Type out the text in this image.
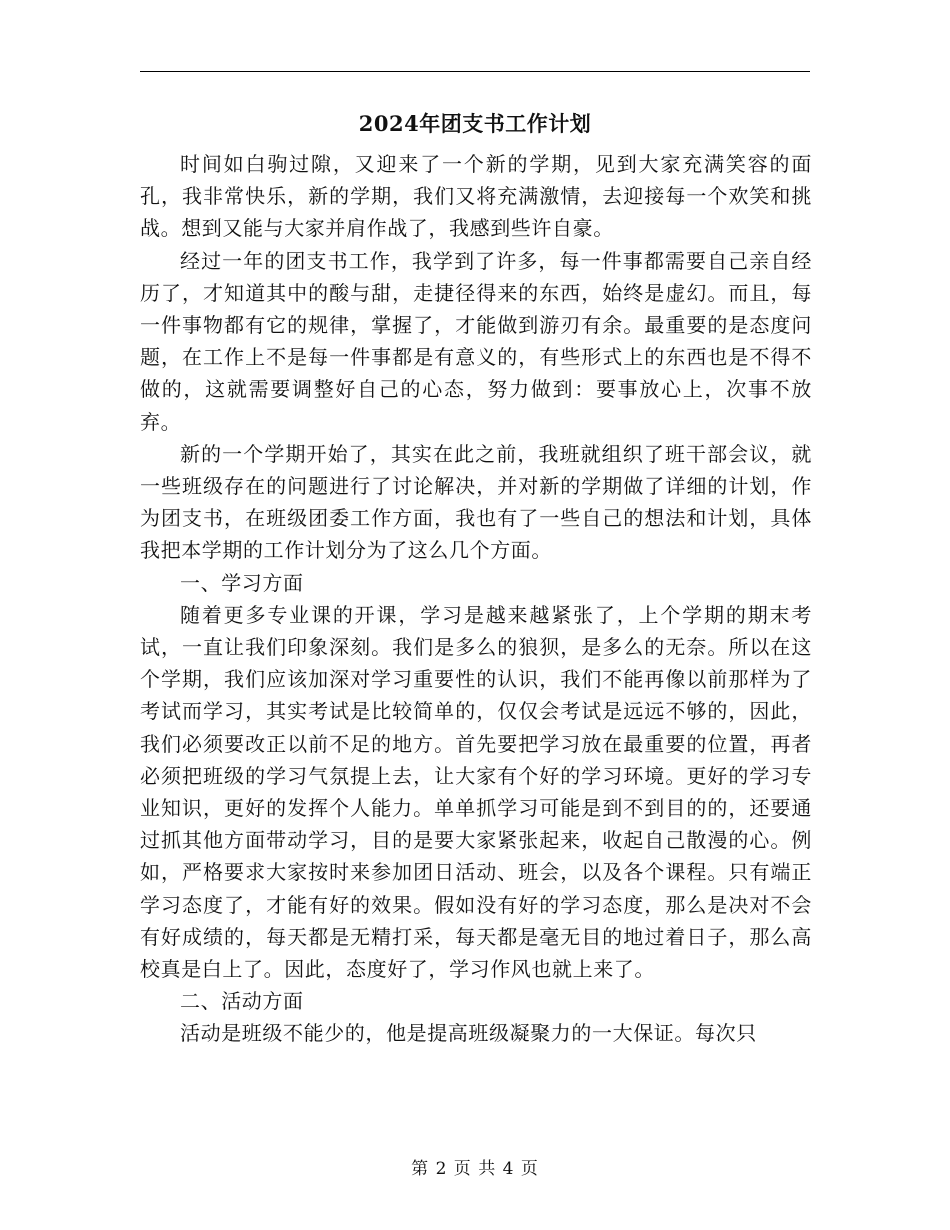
2024年团支书工作计划

时间如白驹过隙，又迎来了一个新的学期，见到大家充满笑容的面孔，我非常快乐，新的学期，我们又将充满激情，去迎接每一个欢笑和挑战。想到又能与大家并肩作战了，我感到些许自豪。

经过一年的团支书工作，我学到了许多，每一件事都需要自己亲自经历了，才知道其中的酸与甜，走捷径得来的东西，始终是虚幻。而且，每一件事物都有它的规律，掌握了，才能做到游刃有余。最重要的是态度问题，在工作上不是每一件事都是有意义的，有些形式上的东西也是不得不做的，这就需要调整好自己的心态，努力做到：要事放心上，次事不放弃。

新的一个学期开始了，其实在此之前，我班就组织了班干部会议，就一些班级存在的问题进行了讨论解决，并对新的学期做了详细的计划，作为团支书，在班级团委工作方面，我也有了一些自己的想法和计划，具体我把本学期的工作计划分为了这么几个方面。

一、学习方面

随着更多专业课的开课，学习是越来越紧张了，上个学期的期末考试，一直让我们印象深刻。我们是多么的狼狈，是多么的无奈。所以在这个学期，我们应该加深对学习重要性的认识，我们不能再像以前那样为了考试而学习，其实考试是比较简单的，仅仅会考试是远远不够的，因此，我们必须要改正以前不足的地方。首先要把学习放在最重要的位置，再者必须把班级的学习气氛提上去，让大家有个好的学习环境。更好的学习专业知识，更好的发挥个人能力。单单抓学习可能是到不到目的的，还要通过抓其他方面带动学习，目的是要大家紧张起来，收起自己散漫的心。例如，严格要求大家按时来参加团日活动、班会，以及各个课程。只有端正学习态度了，才能有好的效果。假如没有好的学习态度，那么是决对不会有好成绩的，每天都是无精打采，每天都是毫无目的地过着日子，那么高校真是白上了。因此，态度好了，学习作风也就上来了。

二、活动方面

活动是班级不能少的，他是提高班级凝聚力的一大保证。每次只

第 2 页 共 4 页
